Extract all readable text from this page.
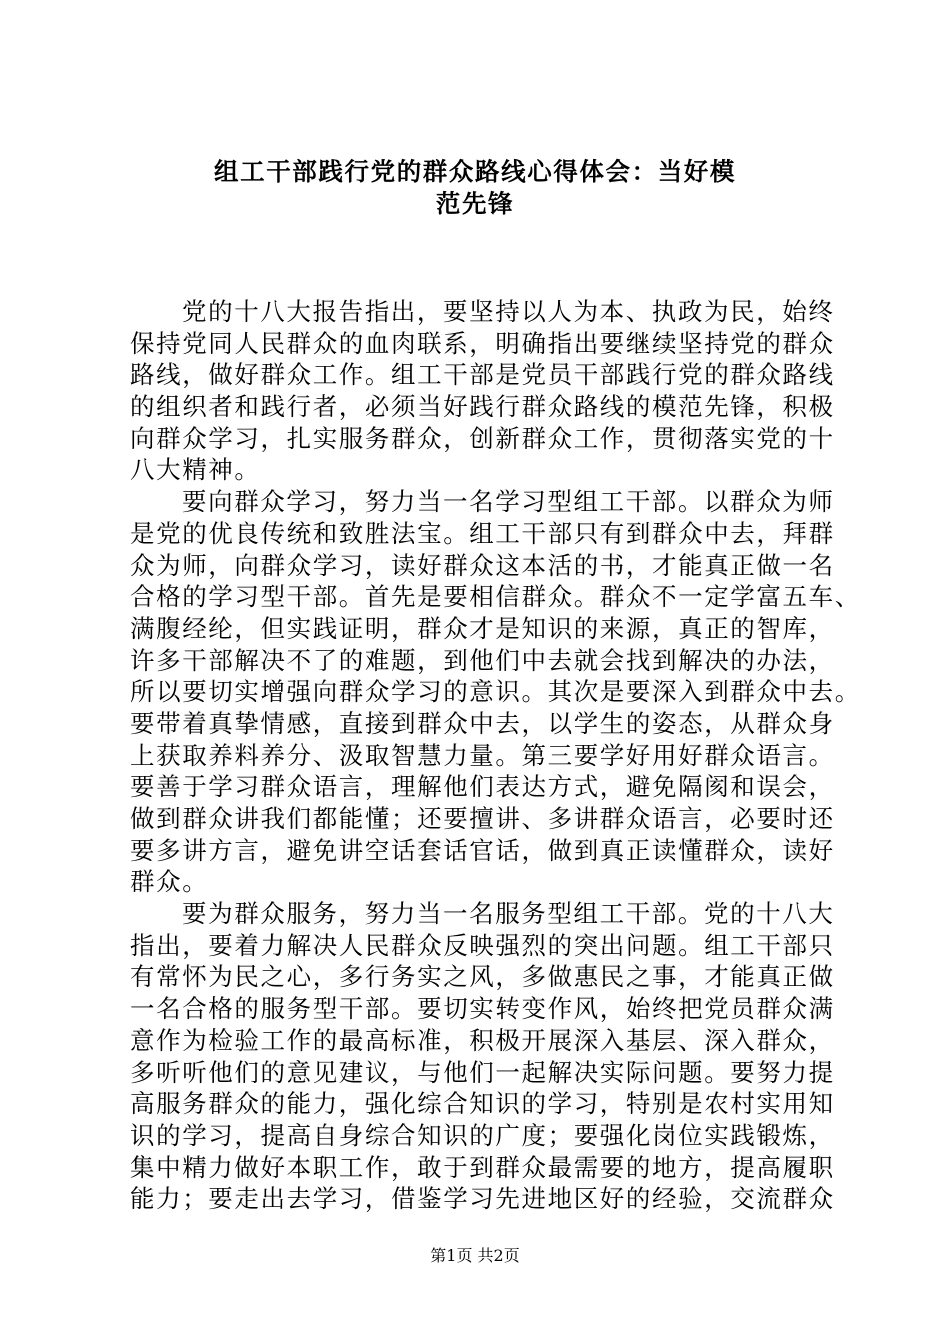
组工干部践行党的群众路线心得体会：当好模
范先锋
党的十八大报告指出，要坚持以人为本、执政为民，始终
保持党同人民群众的血肉联系，明确指出要继续坚持党的群众
路线，做好群众工作。组工干部是党员干部践行党的群众路线
的组织者和践行者，必须当好践行群众路线的模范先锋，积极
向群众学习，扎实服务群众，创新群众工作，贯彻落实党的十
八大精神。
要向群众学习，努力当一名学习型组工干部。以群众为师
是党的优良传统和致胜法宝。组工干部只有到群众中去，拜群
众为师，向群众学习，读好群众这本活的书，才能真正做一名
合格的学习型干部。首先是要相信群众。群众不一定学富五车、
满腹经纶，但实践证明，群众才是知识的来源，真正的智库，
许多干部解决不了的难题，到他们中去就会找到解决的办法，
所以要切实增强向群众学习的意识。其次是要深入到群众中去。
要带着真挚情感，直接到群众中去，以学生的姿态，从群众身
上获取养料养分、汲取智慧力量。第三要学好用好群众语言。
要善于学习群众语言，理解他们表达方式，避免隔阂和误会，
做到群众讲我们都能懂；还要擅讲、多讲群众语言，必要时还
要多讲方言，避免讲空话套话官话，做到真正读懂群众，读好
群众。
要为群众服务，努力当一名服务型组工干部。党的十八大
指出，要着力解决人民群众反映强烈的突出问题。组工干部只
有常怀为民之心，多行务实之风，多做惠民之事，才能真正做
一名合格的服务型干部。要切实转变作风，始终把党员群众满
意作为检验工作的最高标准，积极开展深入基层、深入群众，
多听听他们的意见建议，与他们一起解决实际问题。要努力提
高服务群众的能力，强化综合知识的学习，特别是农村实用知
识的学习，提高自身综合知识的广度；要强化岗位实践锻炼，
集中精力做好本职工作，敢于到群众最需要的地方，提高履职
能力；要走出去学习，借鉴学习先进地区好的经验，交流群众
第1页 共2页
